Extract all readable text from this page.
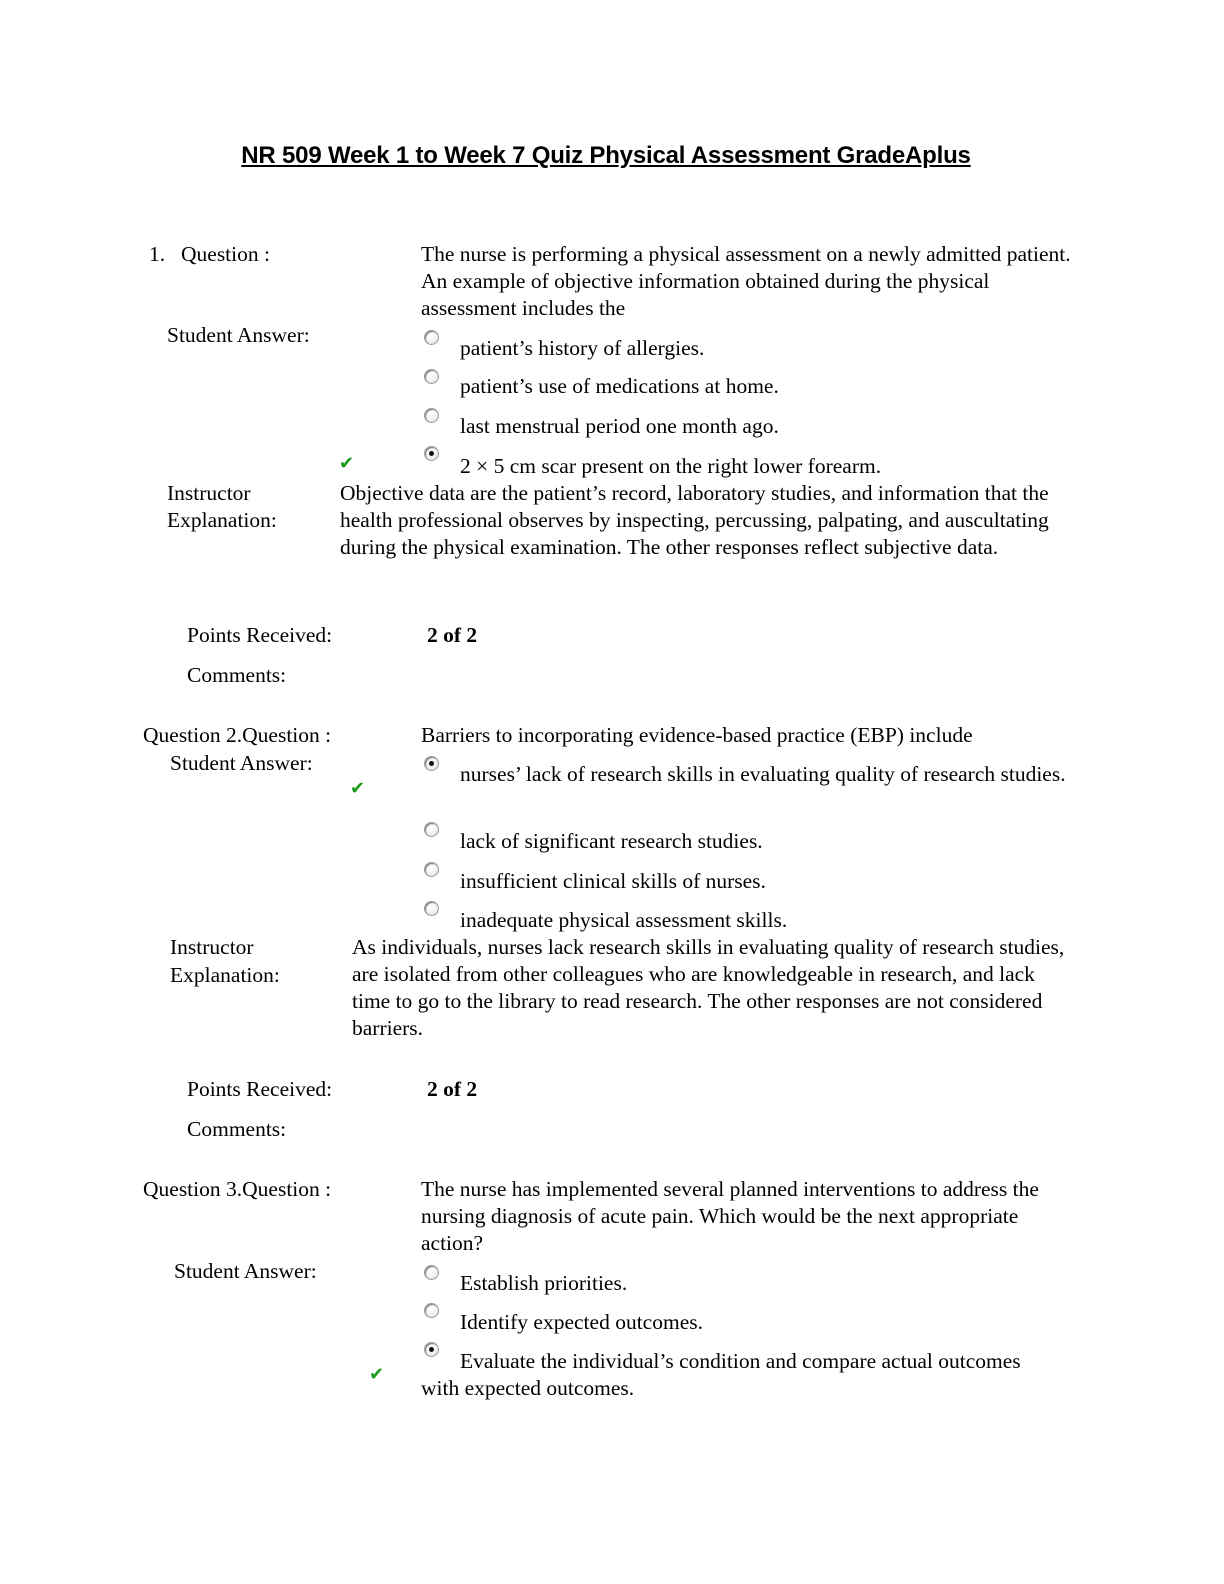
NR 509 Week 1 to Week 7 Quiz Physical Assessment GradeAplus
1. Question :	The nurse is performing a physical assessment on a newly admitted patient. An example of objective information obtained during the physical assessment includes the
Student Answer:
patient’s history of allergies.
patient’s use of medications at home.
last menstrual period one month ago.
✔	2 × 5 cm scar present on the right lower forearm.
Instructor
Explanation:
Objective data are the patient’s record, laboratory studies, and information that the health professional observes by inspecting, percussing, palpating, and auscultating during the physical examination. The other responses reflect subjective data.
Points Received:	2 of 2
Comments:
Question 2.Question :	Barriers to incorporating evidence-based practice (EBP) include
Student Answer:
✔
nurses’ lack of research skills in evaluating quality of research studies.
lack of significant research studies.
insufficient clinical skills of nurses.
inadequate physical assessment skills.
Instructor
Explanation:
As individuals, nurses lack research skills in evaluating quality of research studies, are isolated from other colleagues who are knowledgeable in research, and lack time to go to the library to read research. The other responses are not considered barriers.
Points Received:	2 of 2
Comments:
Question 3.Question :	The nurse has implemented several planned interventions to address the nursing diagnosis of acute pain. Which would be the next appropriate action?
Student Answer:	Establish priorities.
Identify expected outcomes.
✔
Evaluate the individual’s condition and compare actual outcomes with expected outcomes.
